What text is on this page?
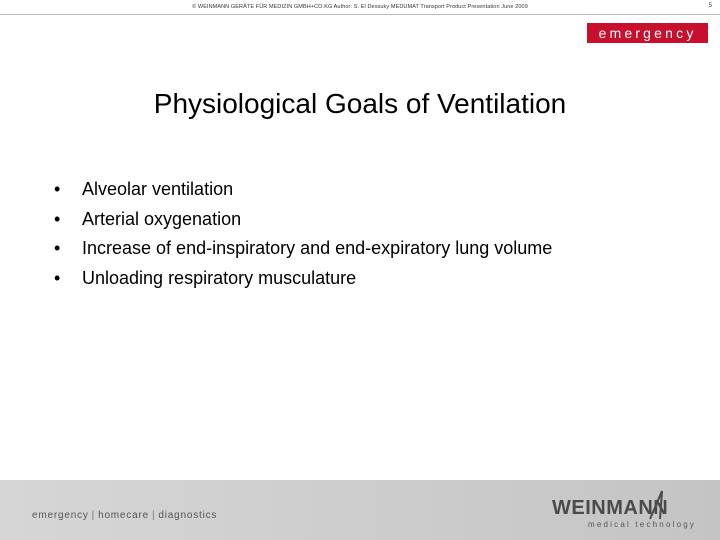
© WEINMANN GERÄTE FÜR MEDIZIN GMBH+CO.KG Author: S. El Dessuky MEDUMAT Transport Product Presentation June 2009	5
emergency
Physiological Goals of Ventilation
•	Alveolar ventilation
•	Arterial oxygenation
•	Increase of end-inspiratory and end-expiratory lung volume
•	Unloading respiratory musculature
emergency | homecare | diagnostics	WEINMANN
medical technology
